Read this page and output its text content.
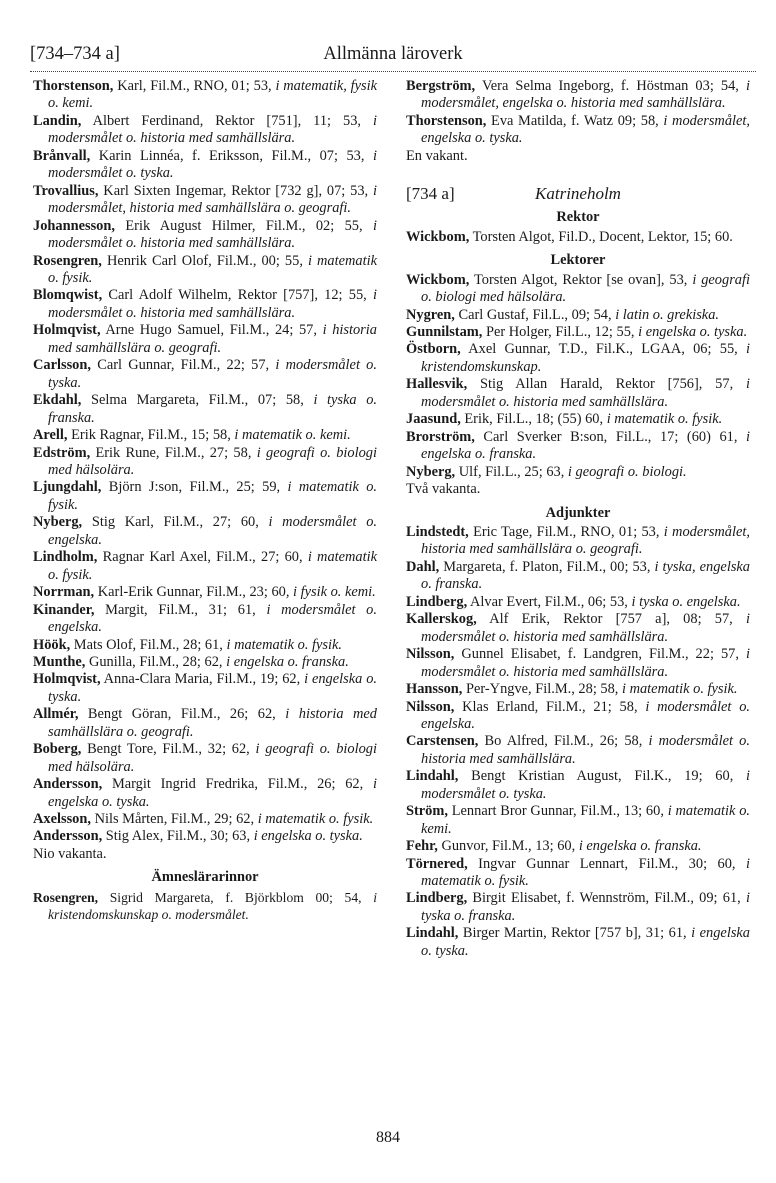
Allmänna läroverk
[734–734 a]

Thorstenson, Karl, Fil.M., RNO, 01; 53, i matematik, fysik o. kemi.

Landin, Albert Ferdinand, Rektor [751], 11; 53, i modersmålet o. historia med samhällslära.

Brånvall, Karin Linnéa, f. Eriksson, Fil.M., 07; 53, i modersmålet o. tyska.

Trovallius, Karl Sixten Ingemar, Rektor [732 g], 07; 53, i modersmålet, historia med samhällslära o. geografi.

Johannesson, Erik August Hilmer, Fil.M., 02; 55, i modersmålet o. historia med samhällslära.

Rosengren, Henrik Carl Olof, Fil.M., 00; 55, i matematik o. fysik.

Blomqwist, Carl Adolf Wilhelm, Rektor [757], 12; 55, i modersmålet o. historia med samhällslära.

Holmqvist, Arne Hugo Samuel, Fil.M., 24; 57, i historia med samhällslära o. geografi.

Carlsson, Carl Gunnar, Fil.M., 22; 57, i modersmålet o. tyska.

Ekdahl, Selma Margareta, Fil.M., 07; 58, i tyska o. franska.

Arell, Erik Ragnar, Fil.M., 15; 58, i matematik o. kemi.

Edström, Erik Rune, Fil.M., 27; 58, i geografi o. biologi med hälsolära.

Ljungdahl, Björn J:son, Fil.M., 25; 59, i matematik o. fysik.

Nyberg, Stig Karl, Fil.M., 27; 60, i modersmålet o. engelska.

Lindholm, Ragnar Karl Axel, Fil.M., 27; 60, i matematik o. fysik.

Norrman, Karl-Erik Gunnar, Fil.M., 23; 60, i fysik o. kemi.

Kinander, Margit, Fil.M., 31; 61, i modersmålet o. engelska.

Höök, Mats Olof, Fil.M., 28; 61, i matematik o. fysik.

Munthe, Gunilla, Fil.M., 28; 62, i engelska o. franska.

Holmqvist, Anna-Clara Maria, Fil.M., 19; 62, i engelska o. tyska.

Allmér, Bengt Göran, Fil.M., 26; 62, i historia med samhällslära o. geografi.

Boberg, Bengt Tore, Fil.M., 32; 62, i geografi o. biologi med hälsolära.

Andersson, Margit Ingrid Fredrika, Fil.M., 26; 62, i engelska o. tyska.

Axelsson, Nils Mårten, Fil.M., 29; 62, i matematik o. fysik.

Andersson, Stig Alex, Fil.M., 30; 63, i engelska o. tyska.

Nio vakanta.

Ämneslärarinnor

Rosengren, Sigrid Margareta, f. Björkblom 00; 54, i kristendomskunskap o. modersmålet.

Bergström, Vera Selma Ingeborg, f. Höstman 03; 54, i modersmålet, engelska o. historia med samhällslära.

Thorstenson, Eva Matilda, f. Watz 09; 58, i modersmålet, engelska o. tyska.

En vakant.

Katrineholm
[734 a]
Rektor

Wickbom, Torsten Algot, Fil.D., Docent, Lektor, 15; 60.

Lektorer

Wickbom, Torsten Algot, Rektor [se ovan], 53, i geografi o. biologi med hälsolära.

Nygren, Carl Gustaf, Fil.L., 09; 54, i latin o. grekiska.

Gunnilstam, Per Holger, Fil.L., 12; 55, i engelska o. tyska.

Östborn, Axel Gunnar, T.D., Fil.K., LGAA, 06; 55, i kristendomskunskap.

Hallesvik, Stig Allan Harald, Rektor [756], 57, i modersmålet o. historia med samhällslära.

Jaasund, Erik, Fil.L., 18; (55) 60, i matematik o. fysik.

Brorström, Carl Sverker B:son, Fil.L., 17; (60) 61, i engelska o. franska.

Nyberg, Ulf, Fil.L., 25; 63, i geografi o. biologi.

Två vakanta.

Adjunkter

Lindstedt, Eric Tage, Fil.M., RNO, 01; 53, i modersmålet, historia med samhällslära o. geografi.

Dahl, Margareta, f. Platon, Fil.M., 00; 53, i tyska, engelska o. franska.

Lindberg, Alvar Evert, Fil.M., 06; 53, i tyska o. engelska.

Kallerskog, Alf Erik, Rektor [757 a], 08; 57, i modersmålet o. historia med samhällslära.

Nilsson, Gunnel Elisabet, f. Landgren, Fil.M., 22; 57, i modersmålet o. historia med samhällslära.

Hansson, Per-Yngve, Fil.M., 28; 58, i matematik o. fysik.

Nilsson, Klas Erland, Fil.M., 21; 58, i modersmålet o. engelska.

Carstensen, Bo Alfred, Fil.M., 26; 58, i modersmålet o. historia med samhällslära.

Lindahl, Bengt Kristian August, Fil.K., 19; 60, i modersmålet o. tyska.

Ström, Lennart Bror Gunnar, Fil.M., 13; 60, i matematik o. kemi.

Fehr, Gunvor, Fil.M., 13; 60, i engelska o. franska.

Törnered, Ingvar Gunnar Lennart, Fil.M., 30; 60, i matematik o. fysik.

Lindberg, Birgit Elisabet, f. Wennström, Fil.M., 09; 61, i tyska o. franska.

Lindahl, Birger Martin, Rektor [757 b], 31; 61, i engelska o. tyska.

884
